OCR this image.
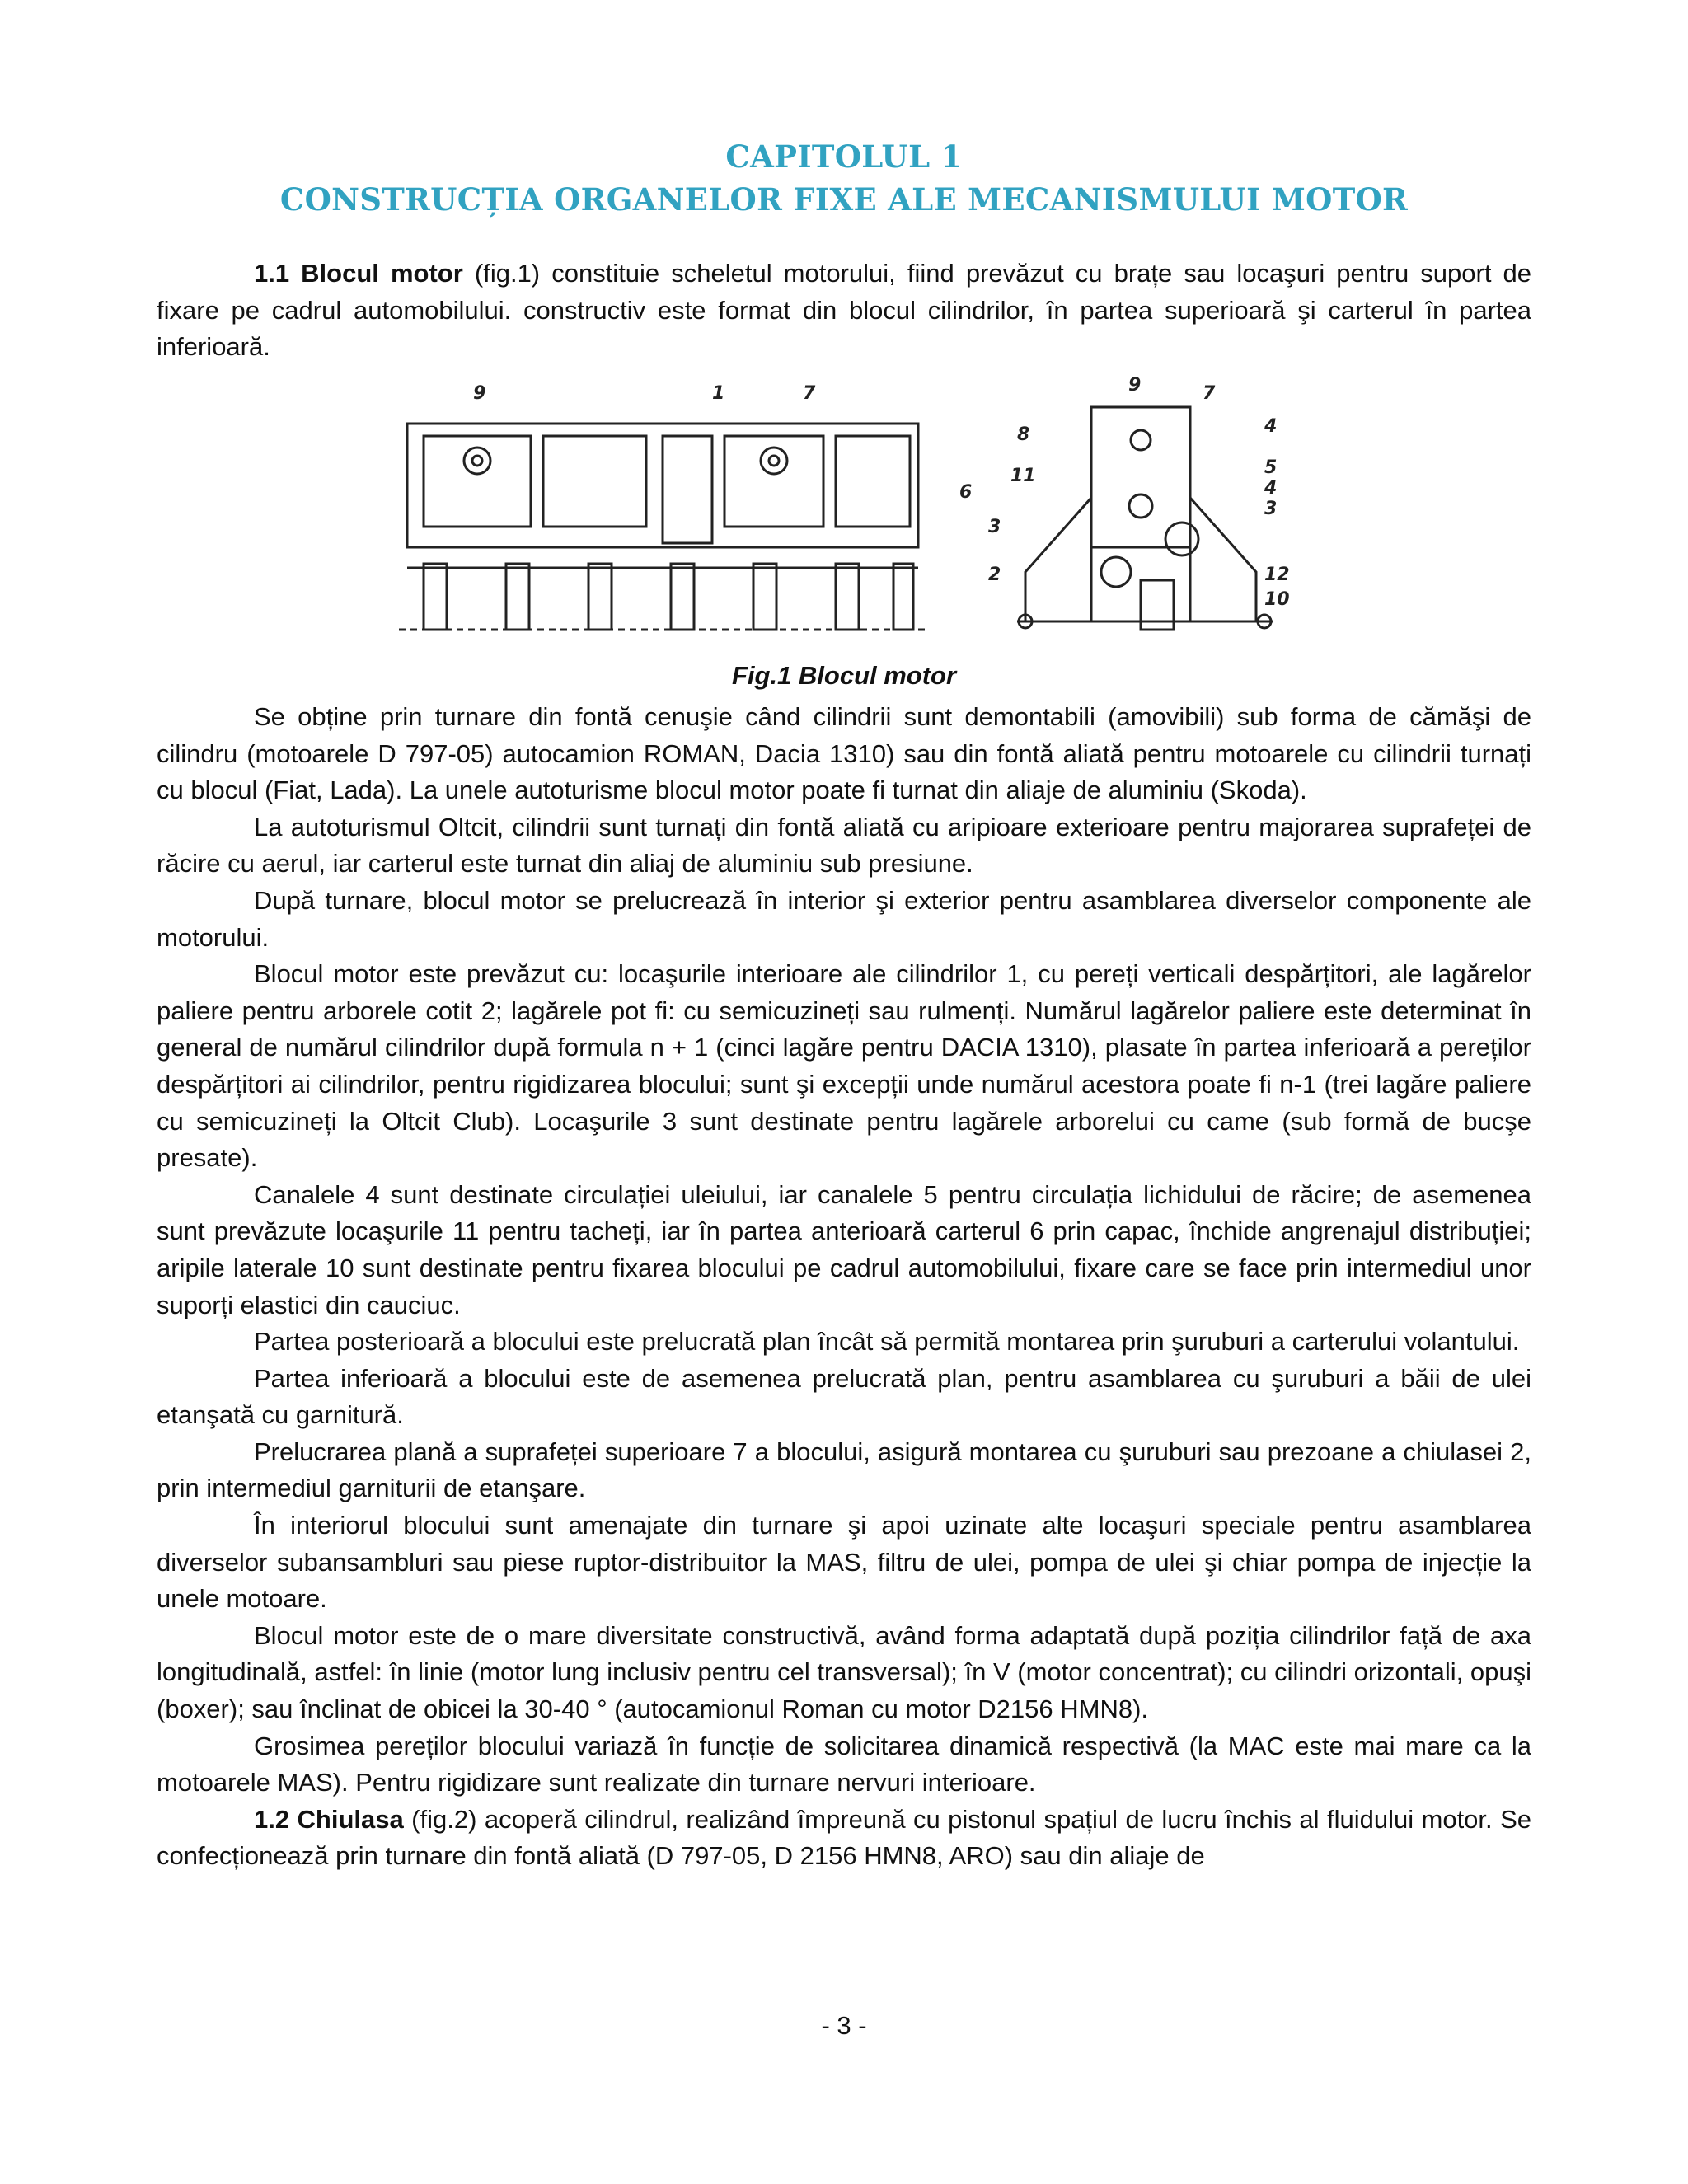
CAPITOLUL 1
CONSTRUCȚIA ORGANELOR FIXE ALE MECANISMULUI MOTOR

1.1 Blocul motor (fig.1) constituie scheletul motorului, fiind prevăzut cu brațe sau locaşuri pentru suport de fixare pe cadrul automobilului. constructiv este format din blocul cilindrilor, în partea superioară şi carterul în partea inferioară.

9	1	7
6
3
2
9	7
4
8
5
4
11
3
12
10
Fig.1 Blocul motor

Se obține prin turnare din fontă cenuşie când cilindrii sunt demontabili (amovibili) sub forma de cămăşi de cilindru (motoarele D 797-05) autocamion ROMAN, Dacia 1310) sau din fontă aliată pentru motoarele cu cilindrii turnați cu blocul (Fiat, Lada). La unele autoturisme blocul motor poate fi turnat din aliaje de aluminiu (Skoda).

La autoturismul Oltcit, cilindrii sunt turnați din fontă aliată cu aripioare exterioare pentru majorarea suprafeței de răcire cu aerul, iar carterul este turnat din aliaj de aluminiu sub presiune.

După turnare, blocul motor se prelucrează în interior şi exterior pentru asamblarea diverselor componente ale motorului.

Blocul motor este prevăzut cu: locaşurile interioare ale cilindrilor 1, cu pereți verticali despărțitori, ale lagărelor paliere pentru arborele cotit 2; lagărele pot fi: cu semicuzineți sau rulmenți. Numărul lagărelor paliere este determinat în general de numărul cilindrilor după formula n + 1 (cinci lagăre pentru DACIA 1310), plasate în partea inferioară a pereților despărțitori ai cilindrilor, pentru rigidizarea blocului; sunt şi excepții unde numărul acestora poate fi n-1 (trei lagăre paliere cu semicuzineți la Oltcit Club). Locaşurile 3 sunt destinate pentru lagărele arborelui cu came (sub formă de bucşe presate).

Canalele 4 sunt destinate circulației uleiului, iar canalele 5 pentru circulația lichidului de răcire; de asemenea sunt prevăzute locaşurile 11 pentru tacheți, iar în partea anterioară carterul 6 prin capac, închide angrenajul distribuției; aripile laterale 10 sunt destinate pentru fixarea blocului pe cadrul automobilului, fixare care se face prin intermediul unor suporți elastici din cauciuc.

Partea posterioară a blocului este prelucrată plan încât să permită montarea prin şuruburi a carterului volantului.

Partea inferioară a blocului este de asemenea prelucrată plan, pentru asamblarea cu şuruburi a băii de ulei etanşată cu garnitură.

Prelucrarea plană a suprafeței superioare 7 a blocului, asigură montarea cu şuruburi sau prezoane a chiulasei 2, prin intermediul garniturii de etanşare.

În interiorul blocului sunt amenajate din turnare şi apoi uzinate alte locaşuri speciale pentru asamblarea diverselor subansambluri sau piese ruptor-distribuitor la MAS, filtru de ulei, pompa de ulei şi chiar pompa de injecție la unele motoare.

Blocul motor este de o mare diversitate constructivă, având forma adaptată după poziția cilindrilor față de axa longitudinală, astfel: în linie (motor lung inclusiv pentru cel transversal); în V (motor concentrat); cu cilindri orizontali, opuşi (boxer); sau înclinat de obicei la 30-40 ° (autocamionul Roman cu motor D2156 HMN8).

Grosimea pereților blocului variază în funcție de solicitarea dinamică respectivă (la MAC este mai mare ca la motoarele MAS). Pentru rigidizare sunt realizate din turnare nervuri interioare.

1.2 Chiulasa (fig.2) acoperă cilindrul, realizând împreună cu pistonul spațiul de lucru închis al fluidului motor. Se confecționează prin turnare din fontă aliată (D 797-05, D 2156 HMN8, ARO) sau din aliaje de

- 3 -
